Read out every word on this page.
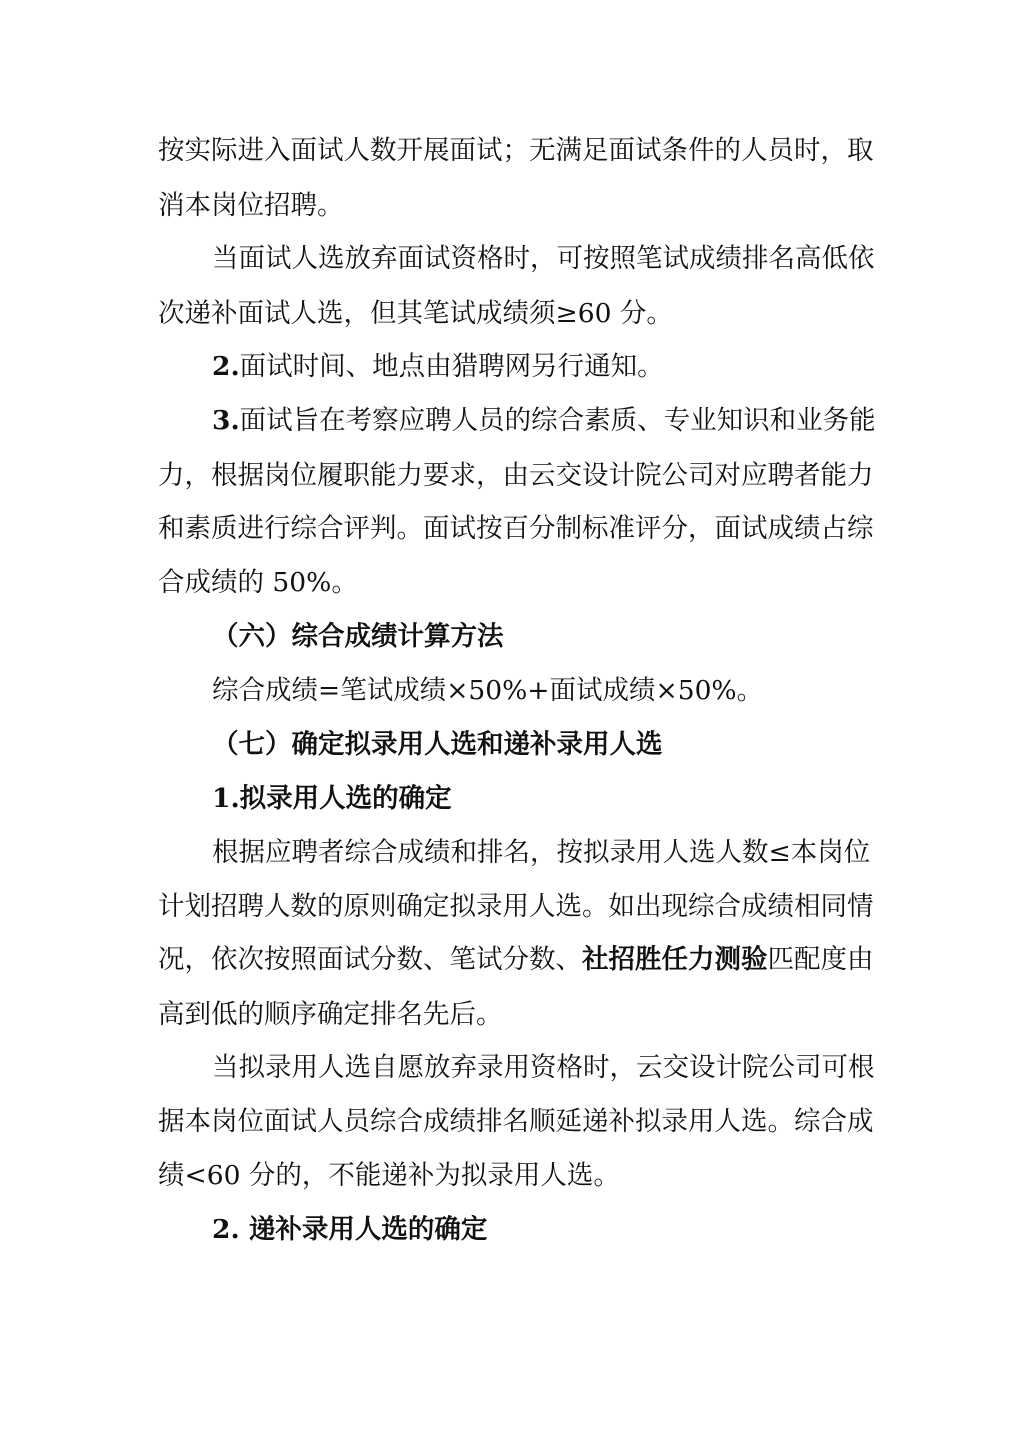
按实际进入面试人数开展面试；无满足面试条件的人员时，取
消本岗位招聘。
当面试人选放弃面试资格时，可按照笔试成绩排名高低依
次递补面试人选，但其笔试成绩须≥60 分。
2.面试时间、地点由猎聘网另行通知。
3.面试旨在考察应聘人员的综合素质、专业知识和业务能
力，根据岗位履职能力要求，由云交设计院公司对应聘者能力
和素质进行综合评判。面试按百分制标准评分，面试成绩占综
合成绩的 50%。
（六）综合成绩计算方法
综合成绩=笔试成绩×50%+面试成绩×50%。
（七）确定拟录用人选和递补录用人选
1.拟录用人选的确定
根据应聘者综合成绩和排名，按拟录用人选人数≤本岗位
计划招聘人数的原则确定拟录用人选。如出现综合成绩相同情
况，依次按照面试分数、笔试分数、社招胜任力测验匹配度由
高到低的顺序确定排名先后。
当拟录用人选自愿放弃录用资格时，云交设计院公司可根
据本岗位面试人员综合成绩排名顺延递补拟录用人选。综合成
绩<60 分的，不能递补为拟录用人选。
2. 递补录用人选的确定
